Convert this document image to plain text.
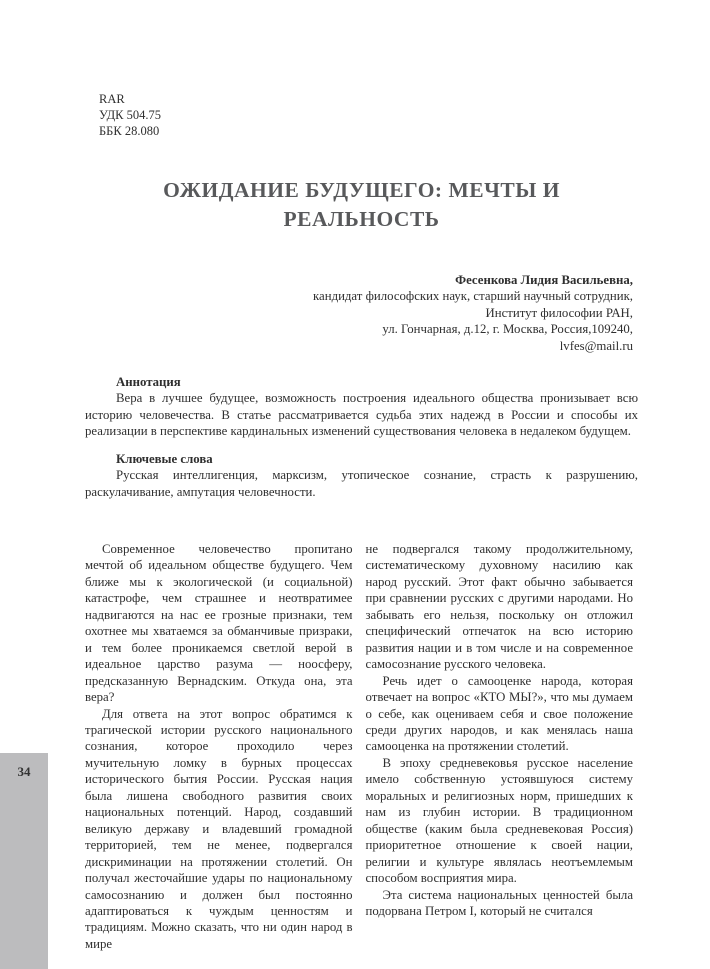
RAR
УДК 504.75
ББК 28.080
ОЖИДАНИЕ БУДУЩЕГО: МЕЧТЫ И РЕАЛЬНОСТЬ
Фесенкова Лидия Васильевна,
кандидат философских наук, старший научный сотрудник,
Институт философии РАН,
ул. Гончарная, д.12, г. Москва, Россия,109240,
lvfes@mail.ru
Аннотация

Вера в лучшее будущее, возможность построения идеального общества пронизывает всю историю человечества. В статье рассматривается судьба этих надежд в России и способы их реализации в перспективе кардинальных изменений существования человека в недалеком будущем.

Ключевые слова

Русская интеллигенция, марксизм, утопическое сознание, страсть к разрушению, раскулачивание, ампутация человечности.

Современное человечество пропитано мечтой об идеальном обществе будущего. Чем ближе мы к экологической (и социальной) катастрофе, чем страшнее и неотвратимее надвигаются на нас ее грозные признаки, тем охотнее мы хватаемся за обманчивые призраки, и тем более проникаемся светлой верой в идеальное царство разума — ноосферу, предсказанную Вернадским. Откуда она, эта вера?

Для ответа на этот вопрос обратимся к трагической истории русского национального сознания, которое проходило через мучительную ломку в бурных процессах исторического бытия России. Русская нация была лишена свободного развития своих национальных потенций. Народ, создавший великую державу и владевший громадной территорией, тем не менее, подвергался дискриминации на протяжении столетий. Он получал жесточайшие удары по национальному самосознанию и должен был постоянно адаптироваться к чуждым ценностям и традициям. Можно сказать, что ни один народ в мире

не подвергался такому продолжительному, систематическому духовному насилию как народ русский. Этот факт обычно забывается при сравнении русских с другими народами. Но забывать его нельзя, поскольку он отложил специфический отпечаток на всю историю развития нации и в том числе и на современное самосознание русского человека.

Речь идет о самооценке народа, которая отвечает на вопрос «КТО МЫ?», что мы думаем о себе, как оцениваем себя и свое положение среди других народов, и как менялась наша самооценка на протяжении столетий.

В эпоху средневековья русское население имело собственную устоявшуюся систему моральных и религиозных норм, пришедших к нам из глубин истории. В традиционном обществе (каким была средневековая Россия) приоритетное отношение к своей нации, религии и культуре являлась неотъемлемым способом восприятия мира.

Эта система национальных ценностей была подорвана Петром I, который не считался

34
